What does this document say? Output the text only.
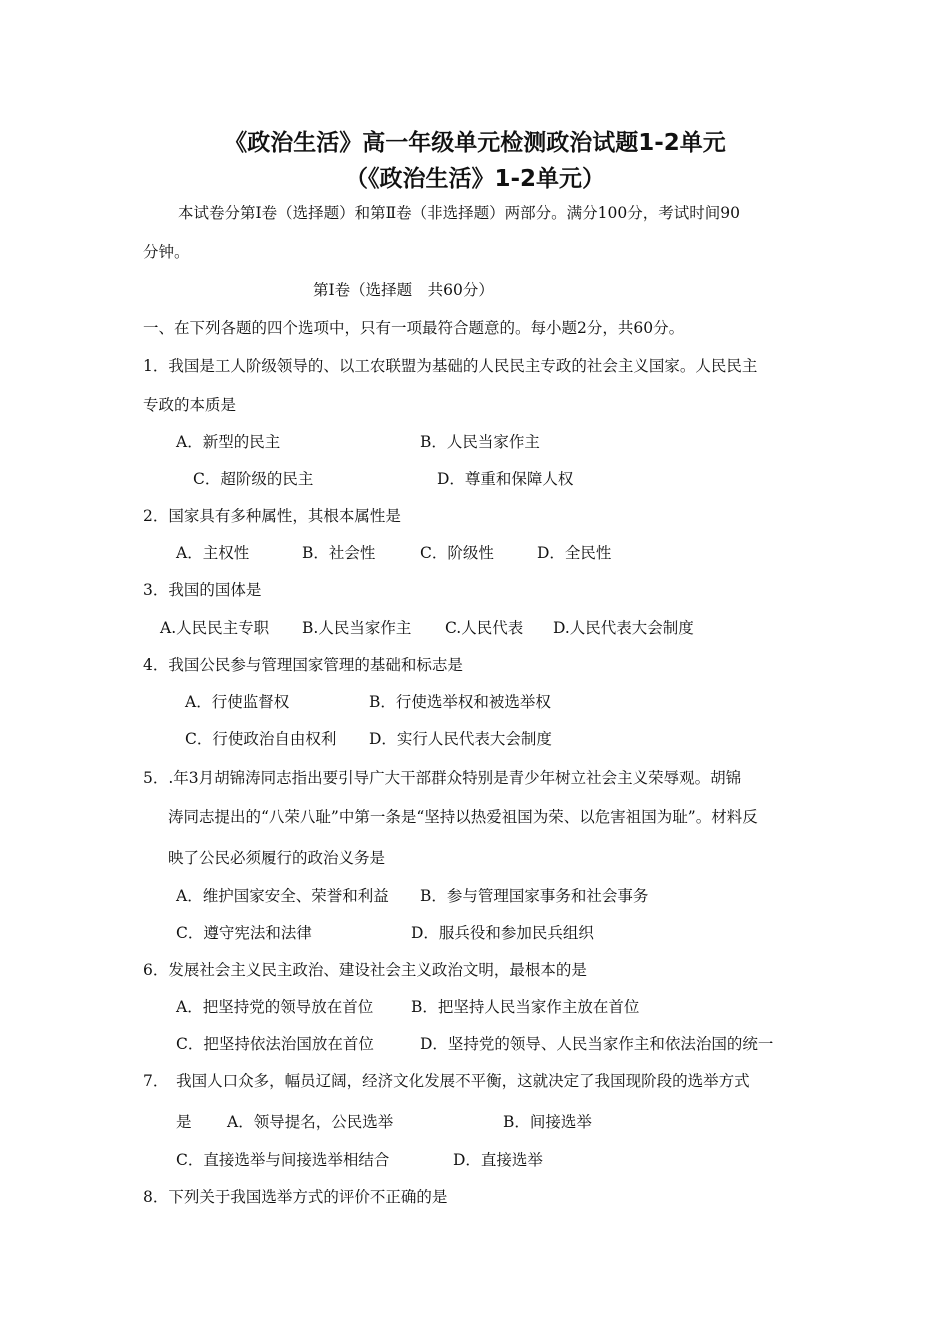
《政治生活》高一年级单元检测政治试题1-2单元
（《政治生活》1-2单元）
本试卷分第Ⅰ卷（选择题）和第Ⅱ卷（非选择题）两部分。满分100分，考试时间90
分钟。
第Ⅰ卷（选择题　共60分）
一、在下列各题的四个选项中，只有一项最符合题意的。每小题2分，共60分。
1．我国是工人阶级领导的、以工农联盟为基础的人民民主专政的社会主义国家。人民民主
专政的本质是
A．新型的民主	B．人民当家作主
C．超阶级的民主	D．尊重和保障人权
2．国家具有多种属性，其根本属性是
A．主权性	B．社会性	C．阶级性	D．全民性
3．我国的国体是
A.人民民主专职 B.人民当家作主 C.人民代表 D.人民代表大会制度
4．我国公民参与管理国家管理的基础和标志是
A．行使监督权	B．行使选举权和被选举权
C．行使政治自由权利 D．实行人民代表大会制度
5．.年3月胡锦涛同志指出要引导广大干部群众特别是青少年树立社会主义荣辱观。胡锦
涛同志提出的“八荣八耻”中第一条是“坚持以热爱祖国为荣、以危害祖国为耻”。材料反
映了公民必须履行的政治义务是
A．维护国家安全、荣誉和利益 B．参与管理国家事务和社会事务
C．遵守宪法和法律	D．服兵役和参加民兵组织
6．发展社会主义民主政治、建设社会主义政治文明，最根本的是
A．把坚持党的领导放在首位 B．把坚持人民当家作主放在首位
C．把坚持依法治国放在首位	D．坚持党的领导、人民当家作主和依法治国的统一
7．　我国人口众多，幅员辽阔，经济文化发展不平衡，这就决定了我国现阶段的选举方式
是 A．领导提名，公民选举	B．间接选举
C．直接选举与间接选举相结合	D．直接选举
8．下列关于我国选举方式的评价不正确的是
